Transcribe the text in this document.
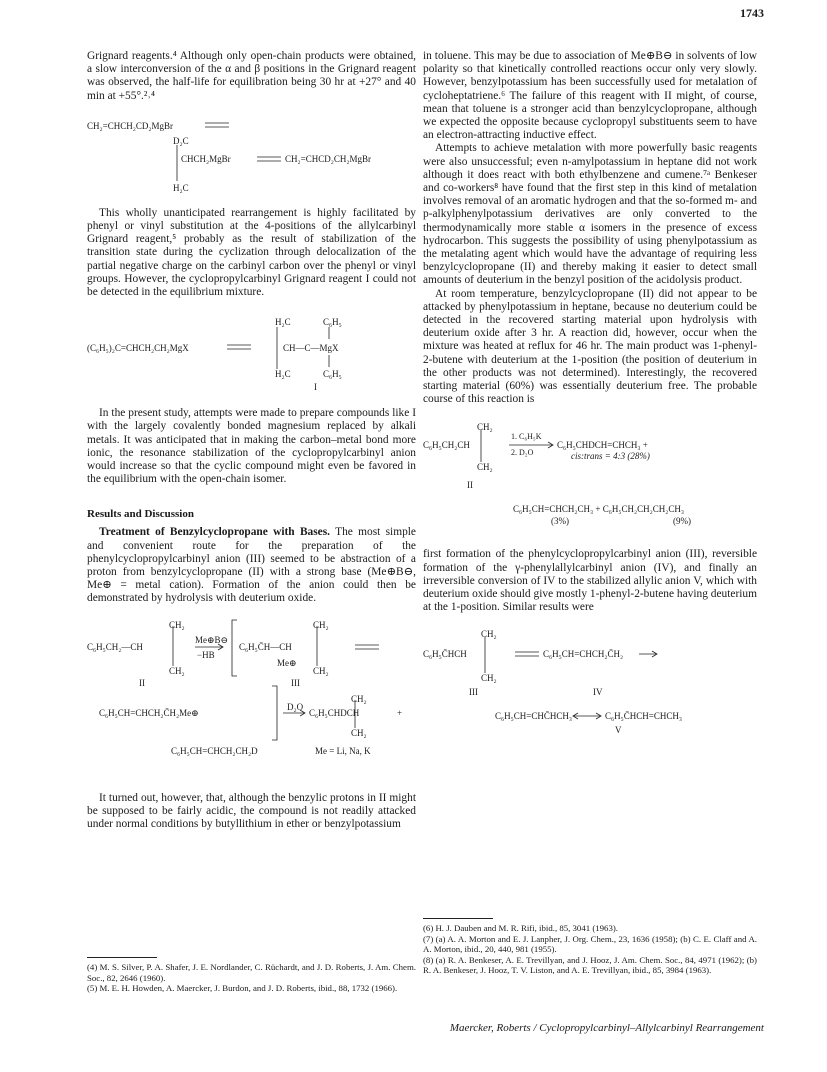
1743

Grignard reagents.⁴ Although only open-chain products were obtained, a slow interconversion of the α and β positions in the Grignard reagent was observed, the half-life for equilibration being 30 hr at +27° and 40 min at +55°.²˒⁴

CH₂=CHCH₂CD₂MgBr
D₂C
CHCH₂MgBr	CH₂=CHCD₂CH₂MgBr
H₂C

This wholly unanticipated rearrangement is highly facilitated by phenyl or vinyl substitution at the 4-positions of the allylcarbinyl Grignard reagent,⁵ probably as the result of stabilization of the transition state during the cyclization through delocalization of the partial negative charge on the carbinyl carbon over the phenyl or vinyl groups. However, the cyclopropylcarbinyl Grignard reagent I could not be detected in the equilibrium mixture.

(C₆H₅)₂C=CHCH₂CH₂MgX
H₂C	C₆H₅
CH—C—MgX
H₂C	C₆H₅
I

In the present study, attempts were made to prepare compounds like I with the largely covalently bonded magnesium replaced by alkali metals. It was anticipated that in making the carbon–metal bond more ionic, the resonance stabilization of the cyclopropylcarbinyl anion would increase so that the cyclic compound might even be favored in the equilibrium with the open-chain isomer.

Results and Discussion

Treatment of Benzylcyclopropane with Bases. The most simple and convenient route for the preparation of the phenylcyclopropylcarbinyl anion (III) seemed to be abstraction of a proton from benzylcyclopropane (II) with a strong base (Me⊕B⊖, Me⊕ = metal cation). Formation of the anion could then be demonstrated by hydrolysis with deuterium oxide.

CH₂
C₆H₅CH₂—CH
CH₂
II
Me⊕B⊖
−HB
CH₂
C₆H₅C̄H—CH
Me⊕
CH₂
III
C₆H₅CH=CHCH₂C̄H₂Me⊕
D₂O
CH₂
C₆H₅CHDCH	+
CH₂
C₆H₅CH=CHCH₂CH₂D	Me = Li, Na, K

It turned out, however, that, although the benzylic protons in II might be supposed to be fairly acidic, the compound is not readily attacked under normal conditions by butyllithium in ether or benzylpotassium

(4) M. S. Silver, P. A. Shafer, J. E. Nordlander, C. Rüchardt, and J. D. Roberts, J. Am. Chem. Soc., 82, 2646 (1960).

(5) M. E. H. Howden, A. Maercker, J. Burdon, and J. D. Roberts, ibid., 88, 1732 (1966).

in toluene. This may be due to association of Me⊕B⊖ in solvents of low polarity so that kinetically controlled reactions occur only very slowly. However, benzylpotassium has been successfully used for metalation of cycloheptatriene.⁶ The failure of this reagent with II might, of course, mean that toluene is a stronger acid than benzylcyclopropane, although we expected the opposite because cyclopropyl substituents seem to have an electron-attracting inductive effect.

Attempts to achieve metalation with more powerfully basic reagents were also unsuccessful; even n-amylpotassium in heptane did not work although it does react with both ethylbenzene and cumene.⁷ᵃ Benkeser and co-workers⁸ have found that the first step in this kind of metalation involves removal of an aromatic hydrogen and that the so-formed m- and p-alkylphenylpotassium derivatives are only converted to the thermodynamically more stable α isomers in the presence of excess hydrocarbon. This suggests the possibility of using phenylpotassium as the metalating agent which would have the advantage of requiring less benzylcyclopropane (II) and thereby making it easier to detect small amounts of deuterium in the benzyl position of the acidolysis product.

At room temperature, benzylcyclopropane (II) did not appear to be attacked by phenylpotassium in heptane, because no deuterium could be detected in the recovered starting material upon hydrolysis with deuterium oxide after 3 hr. A reaction did, however, occur when the mixture was heated at reflux for 46 hr. The main product was 1-phenyl-2-butene with deuterium at the 1-position (the position of deuterium in the other products was not determined). Interestingly, the recovered starting material (60%) was essentially deuterium free. The probable course of this reaction is

CH₂
C₆H₅CH₂CH
CH₂
II
1. C₆H₅K
2. D₂O
C₆H₅CHDCH=CHCH₃ +
cis:trans = 4:3 (28%)
C₆H₅CH=CHCH₂CH₃ + C₆H₅CH₂CH₂CH₂CH₃
(3%)	(9%)

first formation of the phenylcyclopropylcarbinyl anion (III), reversible formation of the γ-phenylallylcarbinyl anion (IV), and finally an irreversible conversion of IV to the stabilized allylic anion V, which with deuterium oxide should give mostly 1-phenyl-2-butene having deuterium at the 1-position. Similar results were

CH₂
C₆H₅C̄HCH
CH₂
III
C₆H₅CH=CHCH₂C̄H₂
IV
C₆H₅CH=CHC̄HCH₃	C₆H₅C̄HCH=CHCH₃
V

(6) H. J. Dauben and M. R. Rifi, ibid., 85, 3041 (1963).

(7) (a) A. A. Morton and E. J. Lanpher, J. Org. Chem., 23, 1636 (1958); (b) C. E. Claff and A. A. Morton, ibid., 20, 440, 981 (1955).

(8) (a) R. A. Benkeser, A. E. Trevillyan, and J. Hooz, J. Am. Chem. Soc., 84, 4971 (1962); (b) R. A. Benkeser, J. Hooz, T. V. Liston, and A. E. Trevillyan, ibid., 85, 3984 (1963).

Maercker, Roberts / Cyclopropylcarbinyl–Allylcarbinyl Rearrangement
